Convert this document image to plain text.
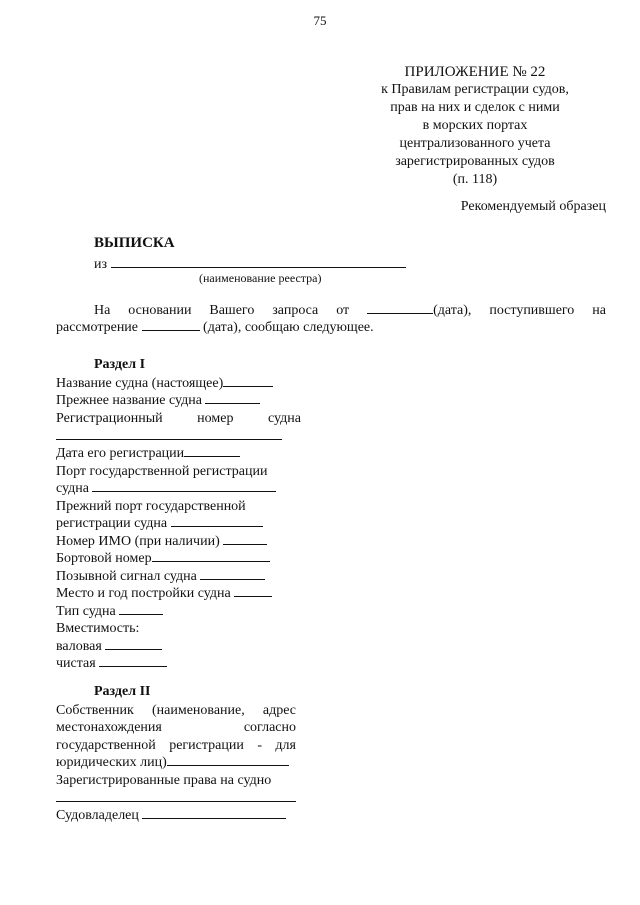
75
ПРИЛОЖЕНИЕ № 22
к Правилам регистрации судов,
прав на них и сделок с ними
в морских портах
централизованного учета
зарегистрированных судов
(п. 118)
Рекомендуемый образец
ВЫПИСКА
из
(наименование реестра)
На основании Вашего запроса от	(дата), поступившего на
рассмотрение	(дата), сообщаю следующее.
Раздел I
Название судна (настоящее)
Прежнее название судна
Регистрационный номер судна
Дата его регистрации
Порт государственной регистрации
судна
Прежний порт государственной
регистрации судна
Номер ИМО (при наличии)
Бортовой номер
Позывной сигнал судна
Место и год постройки судна
Тип судна
Вместимость:
валовая
чистая
Раздел II
Собственник (наименование, адрес
местонахождения	согласно
государственной регистрации - для
юридических лиц)
Зарегистрированные права на судно
Судовладелец
